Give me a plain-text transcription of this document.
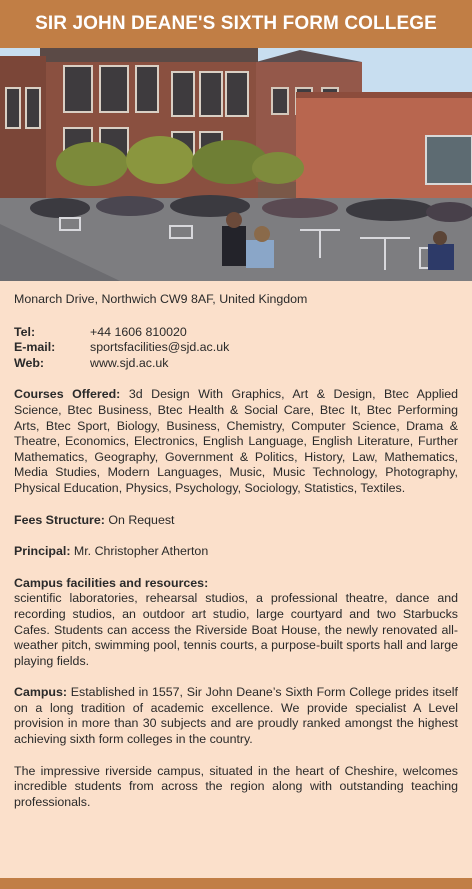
SIR JOHN DEANE'S SIXTH FORM COLLEGE

Monarch Drive, Northwich CW9 8AF, United Kingdom

Tel:	+44 1606 810020
E-mail:	sportsfacilities@sjd.ac.uk
Web:	www.sjd.ac.uk

Courses Offered: 3d Design With Graphics, Art & Design, Btec Applied Science, Btec Business, Btec Health & Social Care, Btec It, Btec Performing Arts, Btec Sport, Biology, Business, Chemistry, Computer Science, Drama & Theatre, Economics, Electronics, English Language, English Literature, Further Mathematics, Geography, Government & Politics, History, Law, Mathematics, Media Studies, Modern Languages, Music, Music Technology, Photography, Physical Education, Physics, Psychology, Sociology, Statistics, Textiles.

Fees Structure: On Request

Principal: Mr. Christopher Atherton

Campus facilities and resources:
scientific laboratories, rehearsal studios, a professional theatre, dance and recording studios, an outdoor art studio, large courtyard and two Starbucks Cafes. Students can access the Riverside Boat House, the newly renovated all-weather pitch, swimming pool, tennis courts, a purpose-built sports hall and large playing fields.

Campus: Established in 1557, Sir John Deane’s Sixth Form College prides itself on a long tradition of academic excellence. We provide specialist A Level provision in more than 30 subjects and are proudly ranked amongst the highest achieving sixth form colleges in the country.

The impressive riverside campus, situated in the heart of Cheshire, welcomes incredible students from across the region along with outstanding teaching professionals.
